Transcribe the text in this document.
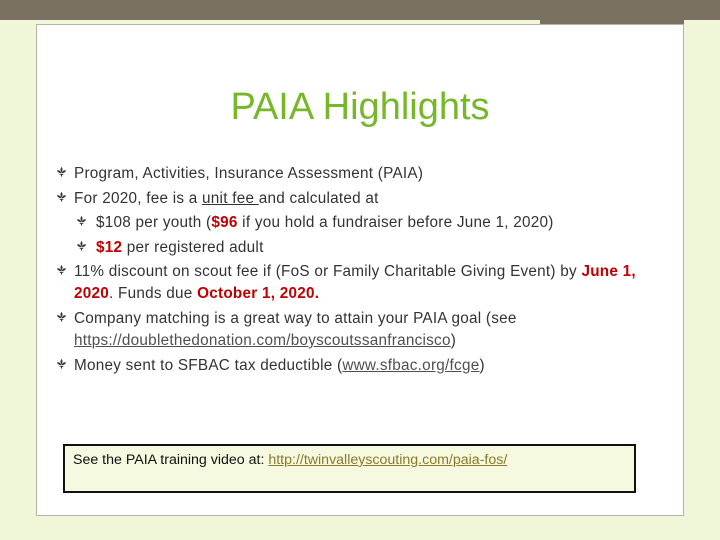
PAIA Highlights
Program, Activities, Insurance Assessment (PAIA)
For 2020, fee is a unit fee and calculated at
$108 per youth ($96 if you hold a fundraiser before June 1, 2020)
$12 per registered adult
11% discount on scout fee if (FoS or Family Charitable Giving Event) by June 1, 2020. Funds due October 1, 2020.
Company matching is a great way to attain your PAIA goal (see https://doublethedonation.com/boyscoutssanfrancisco)
Money sent to SFBAC tax deductible (www.sfbac.org/fcge)
See the PAIA training video at: http://twinvalleyscouting.com/paia-fos/
